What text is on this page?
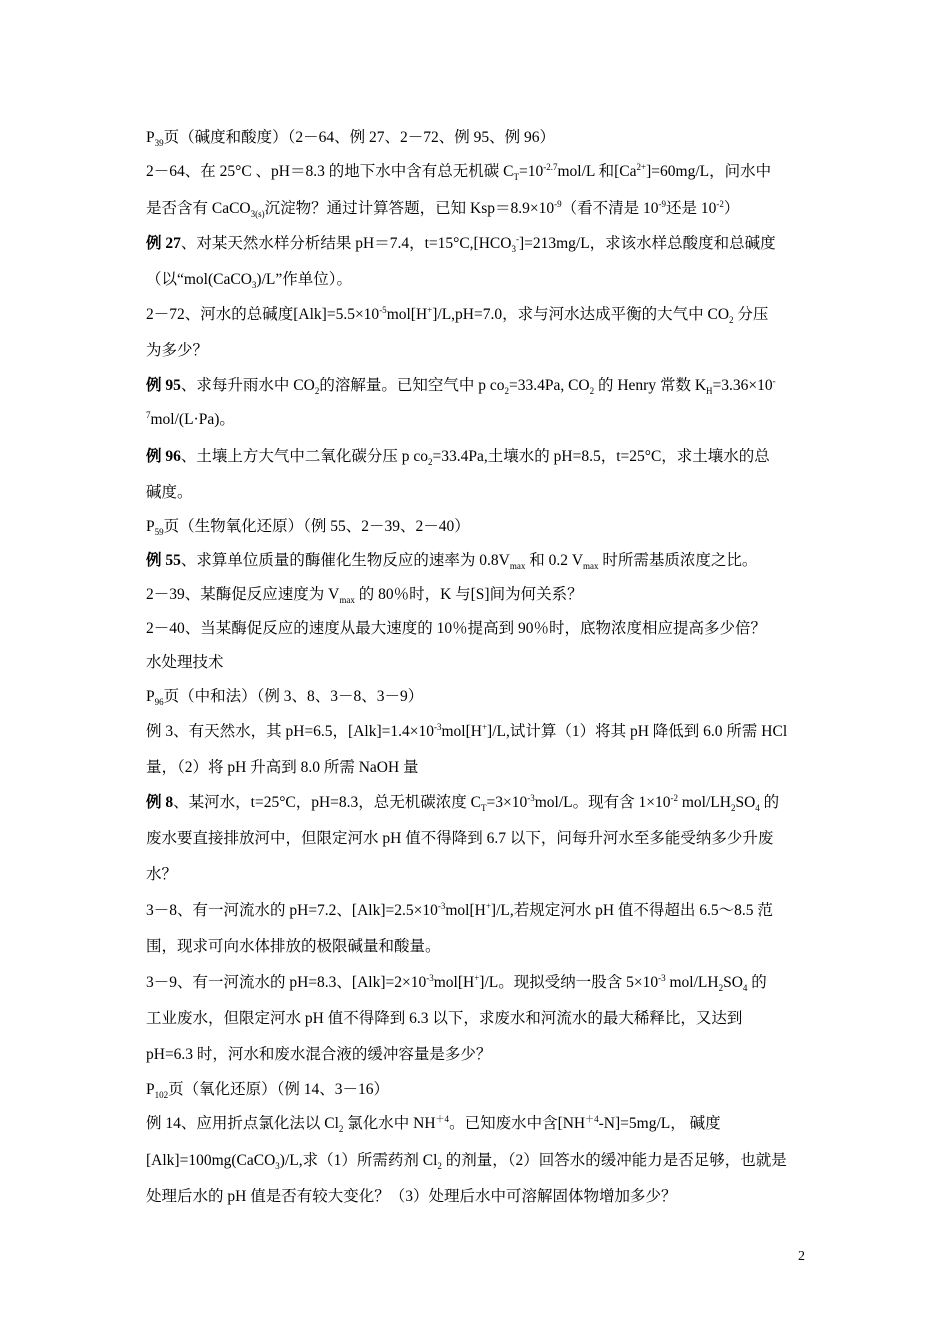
$P_{39}$页（碱度和酸度）（2－64、例 27、2－72、例 95、例 96）
2－64、在 25°C 、pH＝8.3 的地下水中含有总无机碳 $C_T=10^{-2.7}mol/L$ 和$[Ca^{2+}]=60mg/L$，问水中
是否含有 CaCO$_{3(s)}$沉淀物？通过计算答题，已知 $Ksp=8.9\times 10^{-9}$（看不清是 $10^{-9}$还是 $10^{-2}$）
例 27、对某天然水样分析结果 pH＝7.4，$t=15^\circ C,[HCO_3^-]=213mg/L$，求该水样总酸度和总碱度
（以“mol(CaCO$_3$)/L”作单位）。
2－72、河水的总碱度$[Alk]=5.5\times 10^{-5}mol[H^+]/L,pH=7.0$，求与河水达成平衡的大气中 $CO_2$ 分压
为多少？
例 95、求每升雨水中 $CO_2$的溶解量。已知空气中 p $co_2=33.4Pa$, $CO_2$ 的 Henry 常数 $K_H=3.36\times 10^-$
$^7$mol/(L·Pa)。
例 96、土壤上方大气中二氧化碳分压 p $co_2=33.4Pa$,土壤水的 pH=8.5，t=25°C，求土壤水的总
碱度。
$P_{59}$页（生物氧化还原）（例 55、2－39、2－40）
例 55、求算单位质量的酶催化生物反应的速率为 $0.8V_{max}$ 和 0.2 $V_{max}$ 时所需基质浓度之比。
2－39、某酶促反应速度为 $V_{max}$ 的 80％时，K 与[S]间为何关系？
2－40、当某酶促反应的速度从最大速度的 10％提高到 90％时，底物浓度相应提高多少倍？
水处理技术
$P_{96}$页（中和法）（例 3、8、3－8、3－9）
例 3、有天然水，其 pH=6.5，$[Alk]=1.4\times 10^{-3}mol[H^+]/L$,试计算（1）将其 pH 降低到 6.0 所需 HCl
量，（2）将 pH 升高到 8.0 所需 NaOH 量
例 8、某河水，t=25°C，pH=8.3，总无机碳浓度 $C_T=3\times 10^{-3}mol/L$。现有含 $1\times 10^{-2}$ mol/$LH_2SO_4$ 的
废水要直接排放河中，但限定河水 pH 值不得降到 6.7 以下，问每升河水至多能受纳多少升废
水？
3－8、有一河流水的 pH=7.2、$[Alk]=2.5\times 10^{-3}mol[H^+]/L$,若规定河水 pH 值不得超出 6.5～8.5 范
围，现求可向水体排放的极限碱量和酸量。
3－9、有一河流水的 pH=8.3、$[Alk]=2\times 10^{-3}mol[H^+]/L$。现拟受纳一股含 $5\times 10^{-3}$ mol/$LH_2SO_4$ 的
工业废水，但限定河水 pH 值不得降到 6.3 以下，求废水和河流水的最大稀释比，又达到
pH=6.3 时，河水和废水混合液的缓冲容量是多少？
$P_{102}$页（氧化还原）（例 14、3－16）
例 14、应用折点氯化法以 $Cl_2$ 氯化水中 $NH^{+4}$。已知废水中含$[NH^{+4}-N]=5mg/L$， 碱度
[Alk]=100mg(CaCO$_3$)/L,求（1）所需药剂 $Cl_2$ 的剂量，（2）回答水的缓冲能力是否足够，也就是
处理后水的 pH 值是否有较大变化？（3）处理后水中可溶解固体物增加多少？
2
